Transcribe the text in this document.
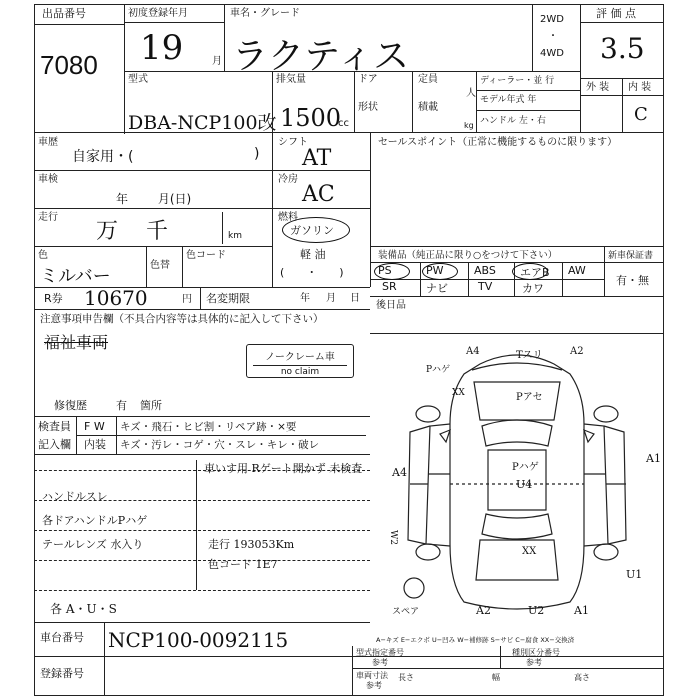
出品番号
7080
初度登録年月
19	月
車名・グレード
ラクティス
2WD
・
4WD
評 価 点
3.5
外 装 内 装
C
型式
DBA-NCP100改
排気量
1500
cc
ドア
形状
定員
人
積載
kg
ディーラー・並 行
モデル年式 年
ハンドル 左・右
車歴
自家用・(	)
車検
年 月(日)
走行
万 千	km
色
ミルバー
色替
色コード
シフト
AT
冷房
AC
燃料
ガソリン
軽 油
(　　・　　)
セールスポイント（正常に機能するものに限ります）
装備品（純正品に限り○をつけて下さい）	新車保証書
有・無
PS	PW	ABS エアB AW
SR	ナビ	TV	カワ
R券 10670	円 名変期限	年 月 日
後日品
注意事項申告欄（不具合内容等は具体的に記入して下さい）
福祉車両
ノークレーム車
no claim
修復歴	有 箇所
検査員
記入欄
F W キズ・飛石・ヒビ割・リペア跡・×要
内装 キズ・汚レ・コゲ・穴・スレ・キレ・破レ
車いす用 Rゲート開かず 未検査
ハンドルスレ
各ドアハンドルPハゲ
テールレンズ 水入り	走行 193053Km
色コード 1E7
各 A・U・S
車台番号 NCP100-0092115
登録番号
型式指定番号
参考
種別区分番号
参考
車両寸法
参考
長さ	幅	高さ
A4	Tスリ	A2
Pハゲ
XX	Pアセ
A1
A4	Pハゲ
U4
W2
XX
U1
スペア	A2	U2	A1
A−キズ E−エクボ U−凹み W−補修跡 S−サビ C−腐食 XX−交換済
